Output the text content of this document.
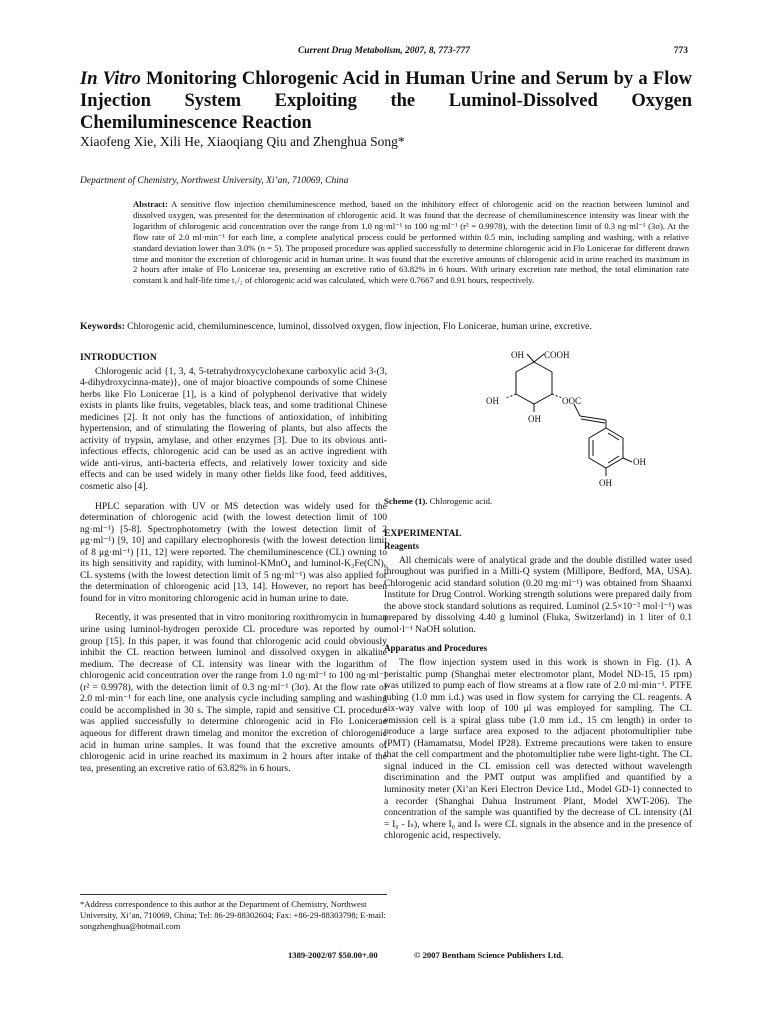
Current Drug Metabolism, 2007, 8, 773-777	773
In Vitro Monitoring Chlorogenic Acid in Human Urine and Serum by a Flow Injection System Exploiting the Luminol-Dissolved Oxygen Chemiluminescence Reaction
Xiaofeng Xie, Xili He, Xiaoqiang Qiu and Zhenghua Song*
Department of Chemistry, Northwest University, Xi’an, 710069, China

Abstract: A sensitive flow injection chemiluminescence method, based on the inhibitory effect of chlorogenic acid on the reaction between luminol and dissolved oxygen, was presented for the determination of chlorogenic acid. It was found that the decrease of chemiluminescence intensity was linear with the logarithm of chlorogenic acid concentration over the range from 1.0 ng·ml⁻¹ to 100 ng·ml⁻¹ (r² = 0.9978), with the detection limit of 0.3 ng·ml⁻¹ (3σ). At the flow rate of 2.0 ml·min⁻¹ for each line, a complete analytical process could be performed within 0.5 min, including sampling and washing, with a relative standard deviation lower than 3.0% (n = 5). The proposed procedure was applied successfully to determine chlorogenic acid in Flo Lonicerae for different drawn time and monitor the excretion of chlorogenic acid in human urine. It was found that the excretive amounts of chlorogenic acid in urine reached its maximum in 2 hours after intake of Flo Lonicerae tea, presenting an excretive ratio of 63.82% in 6 hours. With urinary excretion rate method, the total elimination rate constant k and half-life time t₁/₂ of chlorogenic acid was calculated, which were 0.7667 and 0.91 hours, respectively.

Keywords: Chlorogenic acid, chemiluminescence, luminol, dissolved oxygen, flow injection, Flo Lonicerae, human urine, excretive.

INTRODUCTION

Chlorogenic acid {1, 3, 4, 5-tetrahydroxycyclohexane carboxylic acid 3-(3, 4-dihydroxycinna-mate)}, one of major bioactive compounds of some Chinese herbs like Flo Lonicerae [1], is a kind of polyphenol derivative that widely exists in plants like fruits, vegetables, black teas, and some traditional Chinese medicines [2]. It not only has the functions of antioxidation, of inhibiting hypertension, and of stimulating the flowering of plants, but also affects the activity of trypsin, amylase, and other enzymes [3]. Due to its obvious anti-infectious effects, chlorogenic acid can be used as an active ingredient with wide anti-virus, anti-bacteria effects, and relatively lower toxicity and side effects and can be used widely in many other fields like food, feed additives, cosmetic also [4].

HPLC separation with UV or MS detection was widely used for the determination of chlorogenic acid (with the lowest detection limit of 100 ng·ml⁻¹) [5-8]. Spectrophotometry (with the lowest detection limit of 2 μg·ml⁻¹) [9, 10] and capillary electrophoresis (with the lowest detection limit of 8 μg·ml⁻¹) [11, 12] were reported. The chemiluminescence (CL) owning to its high sensitivity and rapidity, with luminol-KMnO₄ and luminol-K₃Fe(CN)₆ CL systems (with the lowest detection limit of 5 ng·ml⁻¹) was also applied for the determination of chlorogenic acid [13, 14]. However, no report has been found for in vitro monitoring chlorogenic acid in human urine to date.

Recently, it was presented that in vitro monitoring roxithromycin in human urine using luminol-hydrogen peroxide CL procedure was reported by our group [15]. In this paper, it was found that chlorogenic acid could obviously inhibit the CL reaction between luminol and dissolved oxygen in alkaline medium. The decrease of CL intensity was linear with the logarithm of chlorogenic acid concentration over the range from 1.0 ng·ml⁻¹ to 100 ng·ml⁻¹ (r² = 0.9978), with the detection limit of 0.3 ng·ml⁻¹ (3σ). At the flow rate of 2.0 ml·min⁻¹ for each line, one analysis cycle including sampling and washing could be accomplished in 30 s. The simple, rapid and sensitive CL procedure was applied successfully to determine chlorogenic acid in Flo Lonicerae aqueous for different drawn timelag and monitor the excretion of chlorogenic acid in human urine samples. It was found that the excretive amounts of chlorogenic acid in urine reached its maximum in 2 hours after intake of the tea, presenting an excretive ratio of 63.82% in 6 hours.

OH COOH
OH	OOC
OH
OH
OH
Scheme (1). Chlorogenic acid.
EXPERIMENTAL
Reagents

All chemicals were of analytical grade and the double distilled water used throughout was purified in a Milli-Q system (Millipore, Bedford, MA, USA). Chlorogenic acid standard solution (0.20 mg·ml⁻¹) was obtained from Shaanxi Institute for Drug Control. Working strength solutions were prepared daily from the above stock standard solutions as required. Luminol (2.5×10⁻² mol·l⁻¹) was prepared by dissolving 4.40 g luminol (Fluka, Switzerland) in 1 liter of 0.1 mol·l⁻¹ NaOH solution.

Apparatus and Procedures

The flow injection system used in this work is shown in Fig. (1). A peristaltic pump (Shanghai meter electromotor plant, Model ND-15, 15 rpm) was utilized to pump each of flow streams at a flow rate of 2.0 ml·min⁻¹. PTFE tubing (1.0 mm i.d.) was used in flow system for carrying the CL reagents. A six-way valve with loop of 100 μl was employed for sampling. The CL emission cell is a spiral glass tube (1.0 mm i.d., 15 cm length) in order to produce a large surface area exposed to the adjacent photomultiplier tube (PMT) (Hamamatsu, Model IP28). Extreme precautions were taken to ensure that the cell compartment and the photomultiplier tube were light-tight. The CL signal induced in the CL emission cell was detected without wavelength discrimination and the PMT output was amplified and quantified by a luminosity meter (Xi’an Keri Electron Device Ltd., Model GD-1) connected to a recorder (Shanghai Dahua Instrument Plant, Model XWT-206). The concentration of the sample was quantified by the decrease of CL intensity (ΔI = I₀ - Iₛ), where I₀ and Iₛ were CL signals in the absence and in the presence of chlorogenic acid, respectively.

*Address correspondence to this author at the Department of Chemistry, Northwest University, Xi’an, 710069, China; Tel: 86-29-88302604; Fax: +86-29-88303798; E-mail: songzhenghua@hotmail.com

1389-2002/07 $50.00+.00	© 2007 Bentham Science Publishers Ltd.
